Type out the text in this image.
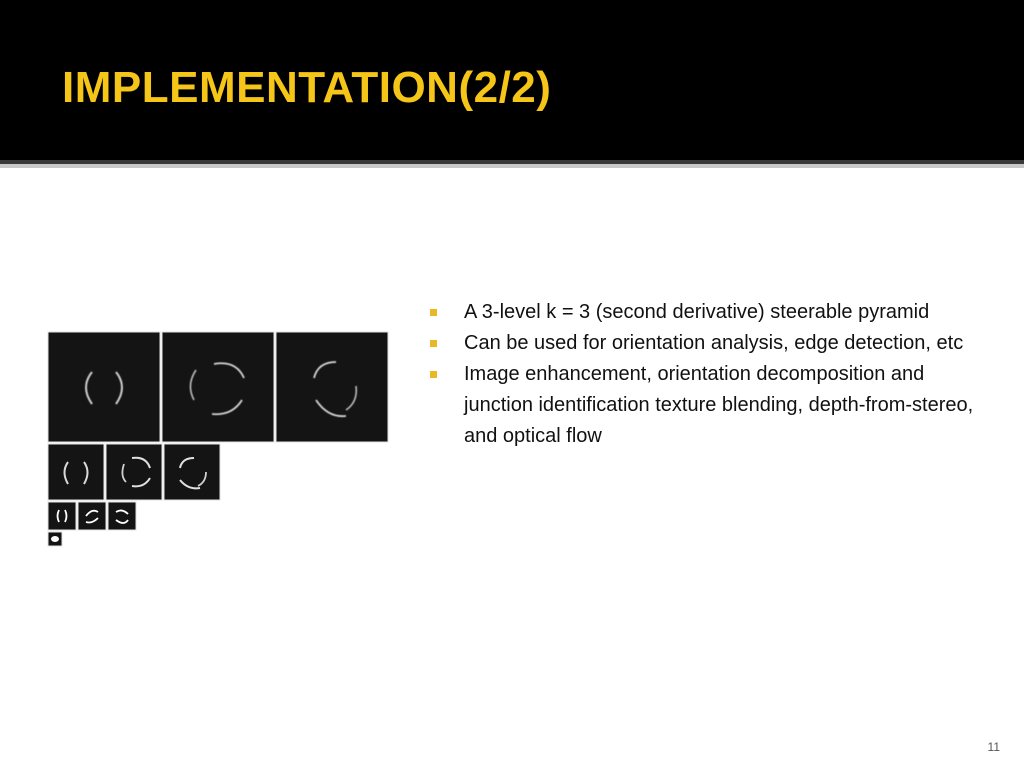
IMPLEMENTATION(2/2)
A 3-level k = 3 (second derivative) steerable pyramid
Can be used for orientation analysis, edge detection, etc
Image enhancement, orientation decomposition and junction identification texture blending, depth-from-stereo, and optical flow
11
